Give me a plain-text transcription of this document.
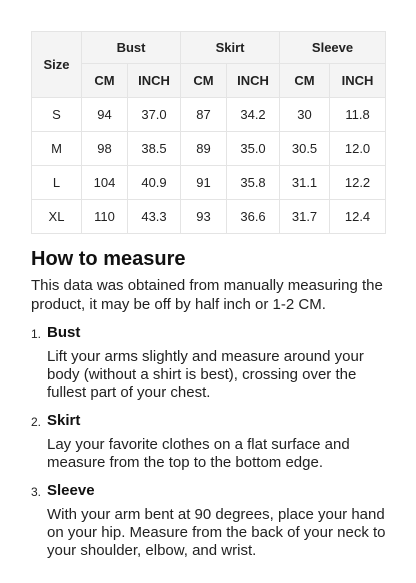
Size	Bust		Skirt		Sleeve	
	CM	INCH	CM	INCH	CM	INCH
S	94	37.0	87	34.2	30	11.8
M	98	38.5	89	35.0	30.5	12.0
L	104	40.9	91	35.8	31.1	12.2
XL	110	43.3	93	36.6	31.7	12.4
How to measure

This data was obtained from manually measuring the product, it may be off by half inch or 1-2 CM.

1. Bust

Lift your arms slightly and measure around your body (without a shirt is best), crossing over the fullest part of your chest.

2. Skirt

Lay your favorite clothes on a flat surface and measure from the top to the bottom edge.

3. Sleeve

With your arm bent at 90 degrees, place your hand on your hip. Measure from the back of your neck to your shoulder, elbow, and wrist.
